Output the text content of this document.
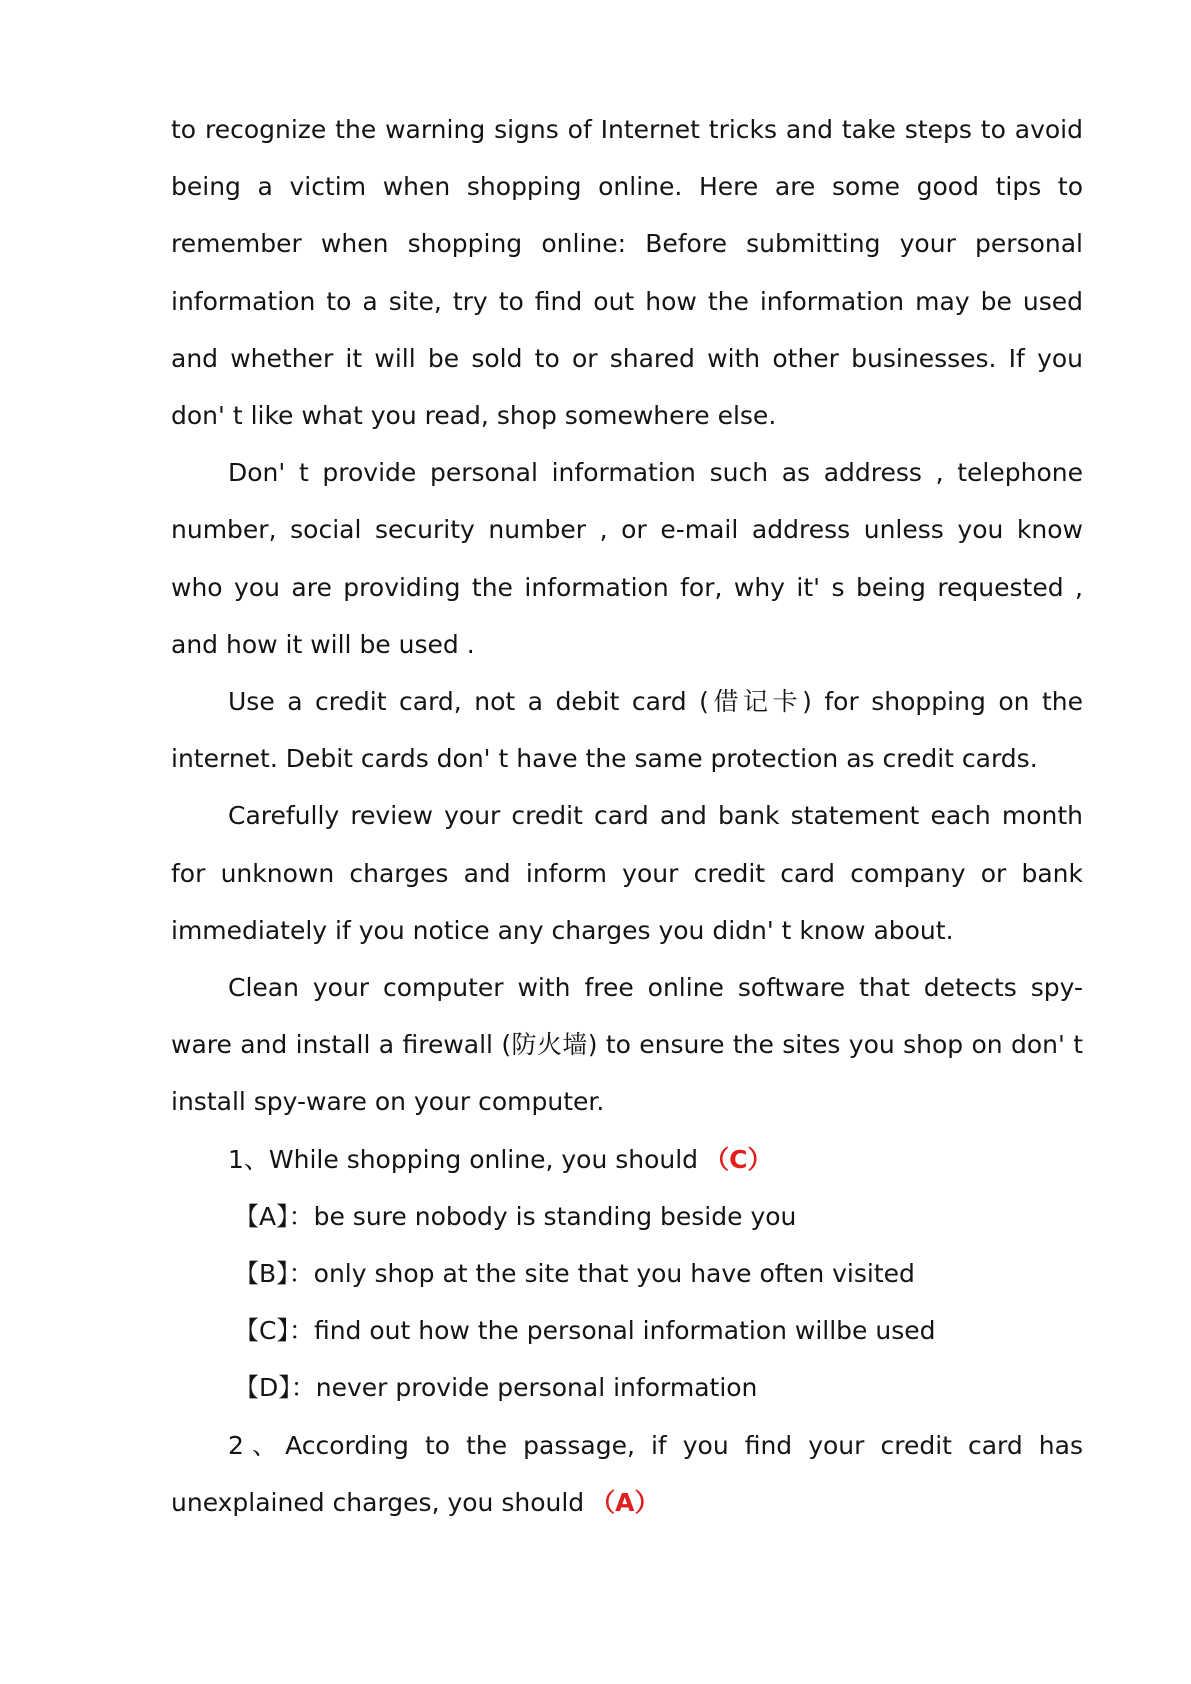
to recognize the warning signs of Internet tricks and take steps to avoid being a victim when shopping online. Here are some good tips to remember when shopping online: Before submitting your personal information to a site, try to find out how the information may be used and whether it will be sold to or shared with other businesses. If you don' t like what you read, shop somewhere else.

Don' t provide personal information such as address , telephone number, social security number , or e-mail address unless you know who you are providing the information for, why it' s being requested , and how it will be used .

Use a credit card, not a debit card (借记卡) for shopping on the internet. Debit cards don' t have the same protection as credit cards.

Carefully review your credit card and bank statement each month for unknown charges and inform your credit card company or bank immediately if you notice any charges you didn' t know about.

Clean your computer with free online software that detects spy-ware and install a firewall (防火墙) to ensure the sites you shop on don' t install spy-ware on your computer.

1、While shopping online, you should （C）

【A】：be sure nobody is standing beside you

【B】：only shop at the site that you have often visited

【C】：find out how the personal information willbe used

【D】：never provide personal information

2、According to the passage, if you find your credit card has unexplained charges, you should （A）
